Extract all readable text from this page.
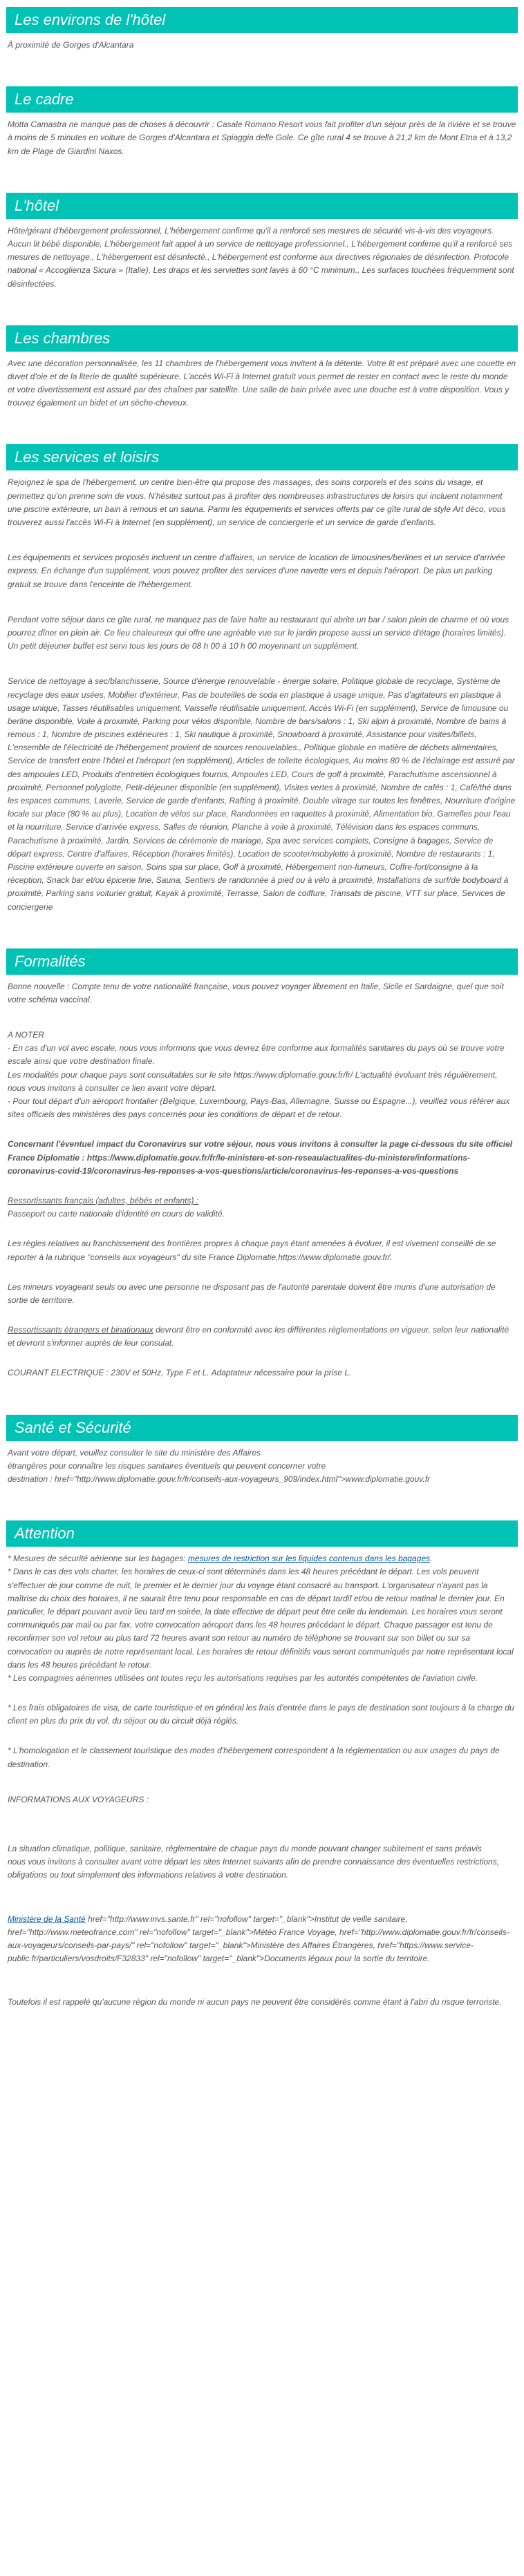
Les environs de l'hôtel

À proximité de Gorges d'Alcantara

Le cadre

Motta Camastra ne manque pas de choses à découvrir : Casale Romano Resort vous fait profiter d'un séjour près de la rivière et se trouve à moins de 5 minutes en voiture de Gorges d'Alcantara et Spiaggia delle Gole. Ce gîte rural 4 se trouve à 21,2 km de Mont Etna et à 13,2 km de Plage de Giardini Naxos.

L'hôtel

Hôte/gérant d'hébergement professionnel, L'hébergement confirme qu'il a renforcé ses mesures de sécurité vis-à-vis des voyageurs. Aucun lit bébé disponible, L'hébergement fait appel à un service de nettoyage professionnel., L'hébergement confirme qu'il a renforcé ses mesures de nettoyage., L'hébergement est désinfecté., L'hébergement est conforme aux directives régionales de désinfection. Protocole national « Accoglienza Sicura » (Italie), Les draps et les serviettes sont lavés à 60 °C minimum., Les surfaces touchées fréquemment sont désinfectées.

Les chambres

Avec une décoration personnalisée, les 11 chambres de l'hébergement vous invitent à la détente. Votre lit est préparé avec une couette en duvet d'oie et de la literie de qualité supérieure. L'accès Wi-Fi à Internet gratuit vous permet de rester en contact avec le reste du monde et votre divertissement est assuré par des chaînes par satellite. Une salle de bain privée avec une douche est à votre disposition. Vous y trouvez également un bidet et un sèche-cheveux.

Les services et loisirs

Rejoignez le spa de l'hébergement, un centre bien-être qui propose des massages, des soins corporels et des soins du visage, et permettez qu'on prenne soin de vous. N'hésitez surtout pas à profiter des nombreuses infrastructures de loisirs qui incluent notamment une piscine extérieure, un bain à remous et un sauna. Parmi les équipements et services offerts par ce gîte rural de style Art déco, vous trouverez aussi l'accès Wi-Fi à Internet (en supplément), un service de conciergerie et un service de garde d'enfants.

Les équipements et services proposés incluent un centre d'affaires, un service de location de limousines/berlines et un service d'arrivée express. En échange d'un supplément, vous pouvez profiter des services d'une navette vers et depuis l'aéroport. De plus un parking gratuit se trouve dans l'enceinte de l'hébergement.

Pendant votre séjour dans ce gîte rural, ne manquez pas de faire halte au restaurant qui abrite un bar / salon plein de charme et où vous pourrez dîner en plein air. Ce lieu chaleureux qui offre une agréable vue sur le jardin propose aussi un service d'étage (horaires limités). Un petit déjeuner buffet est servi tous les jours de 08 h 00 à 10 h 00 moyennant un supplément.

Service de nettoyage à sec/blanchisserie, Source d'énergie renouvelable - énergie solaire, Politique globale de recyclage, Système de recyclage des eaux usées, Mobilier d'extérieur, Pas de bouteilles de soda en plastique à usage unique, Pas d'agitateurs en plastique à usage unique, Tasses réutilisables uniquement, Vaisselle réutilisable uniquement, Accès Wi-Fi (en supplément), Service de limousine ou berline disponible, Voile à proximité, Parking pour vélos disponible, Nombre de bars/salons : 1, Ski alpin à proximité, Nombre de bains à remous : 1, Nombre de piscines extérieures : 1, Ski nautique à proximité, Snowboard à proximité, Assistance pour visites/billets, L'ensemble de l'électricité de l'hébergement provient de sources renouvelables., Politique globale en matière de déchets alimentaires, Service de transfert entre l'hôtel et l'aéroport (en supplément), Articles de toilette écologiques, Au moins 80 % de l'éclairage est assuré par des ampoules LED, Produits d'entretien écologiques fournis, Ampoules LED, Cours de golf à proximité, Parachutisme ascensionnel à proximité, Personnel polyglotte, Petit-déjeuner disponible (en supplément), Visites vertes à proximité, Nombre de cafés : 1, Café/thé dans les espaces communs, Laverie, Service de garde d'enfants, Rafting à proximité, Double vitrage sur toutes les fenêtres, Nourriture d'origine locale sur place (80 % au plus), Location de vélos sur place, Randonnées en raquettes à proximité, Alimentation bio, Gamelles pour l'eau et la nourriture, Service d'arrivée express, Salles de réunion, Planche à voile à proximité, Télévision dans les espaces communs, Parachutisme à proximité, Jardin, Services de cérémonie de mariage, Spa avec services complets, Consigne à bagages, Service de départ express, Centre d'affaires, Réception (horaires limités), Location de scooter/mobylette à proximité, Nombre de restaurants : 1, Piscine extérieure ouverte en saison, Soins spa sur place, Golf à proximité, Hébergement non-fumeurs, Coffre-fort/consigne à la réception, Snack bar et/ou épicerie fine, Sauna, Sentiers de randonnée à pied ou à vélo à proximité, Installations de surf/de bodyboard à proximité, Parking sans voiturier gratuit, Kayak à proximité, Terrasse, Salon de coiffure, Transats de piscine, VTT sur place, Services de conciergerie

Formalités

Bonne nouvelle : Compte tenu de votre nationalité française, vous pouvez voyager librement en Italie, Sicile et Sardaigne, quel que soit votre schéma vaccinal.

A NOTER
- En cas d'un vol avec escale, nous vous informons que vous devrez être conforme aux formalités sanitaires du pays où se trouve votre escale ainsi que votre destination finale.
Les modalités pour chaque pays sont consultables sur le site https://www.diplomatie.gouv.fr/fr/ L'actualité évoluant très régulièrement, nous vous invitons à consulter ce lien avant votre départ.

- Pour tout départ d'un aéroport frontalier (Belgique, Luxembourg, Pays-Bas, Allemagne, Suisse ou Espagne...), veuillez vous référer aux sites officiels des ministères des pays concernés pour les conditions de départ et de retour.

Concernant l'éventuel impact du Coronavirus sur votre séjour, nous vous invitons à consulter la page ci-dessous du site officiel France Diplomatie : https://www.diplomatie.gouv.fr/fr/le-ministere-et-son-reseau/actualites-du-ministere/informations-coronavirus-covid-19/coronavirus-les-reponses-a-vos-questions/article/coronavirus-les-reponses-a-vos-questions

Ressortissants français (adultes, bébés et enfants) :

Passeport ou carte nationale d'identité en cours de validité.

Les règles relatives au franchissement des frontières propres à chaque pays étant amenées à évoluer, il est vivement conseillé de se reporter à la rubrique "conseils aux voyageurs" du site France Diplomatie,https://www.diplomatie.gouv.fr/.

Les mineurs voyageant seuls ou avec une personne ne disposant pas de l'autorité parentale doivent être munis d'une autorisation de sortie de territoire.

Ressortissants étrangers et binationaux devront être en conformité avec les différentes réglementations en vigueur, selon leur nationalité et devront s'informer auprès de leur consulat.

COURANT ELECTRIQUE : 230V et 50Hz, Type F et L. Adaptateur nécessaire pour la prise L.

Santé et Sécurité
Avant votre départ, veuillez consulter le site du ministère des Affaires
étrangères pour connaître les risques sanitaires éventuels qui peuvent concerner votre
destination : href="http://www.diplomatie.gouv.fr/fr/conseils-aux-voyageurs_909/index.html">www.diplomatie.gouv.fr
Attention
* Mesures de sécurité aérienne sur les bagages: mesures de restriction sur les liquides contenus dans les bagages.
* Dans le cas des vols charter, les horaires de ceux-ci sont déterminés dans les 48 heures précédant le départ. Les vols peuvent s'effectuer de jour comme de nuit, le premier et le dernier jour du voyage étant consacré au transport. L'organisateur n'ayant pas la maîtrise du choix des horaires, il ne saurait être tenu pour responsable en cas de départ tardif et/ou de retour matinal le dernier jour. En particulier, le départ pouvant avoir lieu tard en soirée, la date effective de départ peut être celle du lendemain. Les horaires vous seront communiqués par mail ou par fax, votre convocation aéroport dans les 48 heures précédant le départ. Chaque passager est tenu de reconfirmer son vol retour au plus tard 72 heures avant son retour au numéro de téléphone se trouvant sur son billet ou sur sa convocation ou auprès de notre représentant local. Les horaires de retour définitifs vous seront communiqués par notre représentant local dans les 48 heures précédant le retour.

* Les compagnies aériennes utilisées ont toutes reçu les autorisations requises par les autorités compétentes de l'aviation civile.

* Les frais obligatoires de visa, de carte touristique et en général les frais d'entrée dans le pays de destination sont toujours à la charge du client en plus du prix du vol, du séjour ou du circuit déjà réglés.

* L'homologation et le classement touristique des modes d'hébergement correspondent à la réglementation ou aux usages du pays de destination.

INFORMATIONS AUX VOYAGEURS :

La situation climatique, politique, sanitaire, réglementaire de chaque pays du monde pouvant changer subitement et sans préavis

nous vous invitons à consulter avant votre départ les sites Internet suivants afin de prendre connaissance des éventuelles restrictions, obligations ou tout simplement des informations relatives à votre destination.

Ministère de la Santé href="http://www.invs.sante.fr" rel="nofollow" target="_blank">Institut de veille sanitaire, href="http://www.meteofrance.com" rel="nofollow" target="_blank">Météo France Voyage, href="http://www.diplomatie.gouv.fr/fr/conseils-aux-voyageurs/conseils-par-pays/" rel="nofollow" target="_blank">Ministère des Affaires Étrangères, href="https://www.service-public.fr/particuliers/vosdroits/F32833" rel="nofollow" target="_blank">Documents légaux pour la sortie du territoire.

Toutefois il est rappelé qu'aucune région du monde ni aucun pays ne peuvent être considérés comme étant à l'abri du risque terroriste.
